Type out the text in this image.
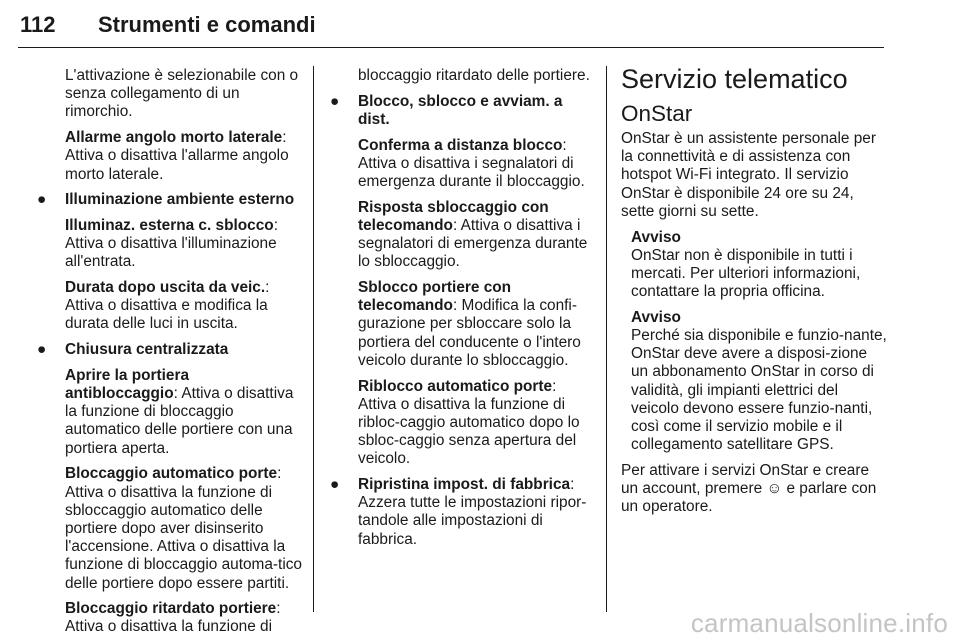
112 Strumenti e comandi

L'attivazione è selezionabile con o senza collegamento di un rimorchio.

Allarme angolo morto laterale: Attiva o disattiva l'allarme angolo morto laterale.

● Illuminazione ambiente esterno

Illuminaz. esterna c. sblocco: Attiva o disattiva l'illuminazione all'entrata.

Durata dopo uscita da veic.: Attiva o disattiva e modifica la durata delle luci in uscita.

● Chiusura centralizzata

Aprire la portiera antibloccaggio: Attiva o disattiva la funzione di bloccaggio automatico delle portiere con una portiera aperta.

Bloccaggio automatico porte: Attiva o disattiva la funzione di sbloccaggio automatico delle portiere dopo aver disinserito l'accensione. Attiva o disattiva la funzione di bloccaggio automa-tico delle portiere dopo essere partiti.

Bloccaggio ritardato portiere: Attiva o disattiva la funzione di

bloccaggio ritardato delle portiere.

● Blocco, sblocco e avviam. a dist.

Conferma a distanza blocco: Attiva o disattiva i segnalatori di emergenza durante il bloccaggio.

Risposta sbloccaggio con telecomando: Attiva o disattiva i segnalatori di emergenza durante lo sbloccaggio.

Sblocco portiere con telecomando: Modifica la confi-gurazione per sbloccare solo la portiera del conducente o l'intero veicolo durante lo sbloccaggio.

Riblocco automatico porte: Attiva o disattiva la funzione di ribloc-caggio automatico dopo lo sbloc-caggio senza apertura del veicolo.

● Ripristina impost. di fabbrica: Azzera tutte le impostazioni ripor-tandole alle impostazioni di fabbrica.

Servizio telematico
OnStar

OnStar è un assistente personale per la connettività e di assistenza con hotspot Wi-Fi integrato. Il servizio OnStar è disponibile 24 ore su 24, sette giorni su sette.

Avviso

OnStar non è disponibile in tutti i mercati. Per ulteriori informazioni, contattare la propria officina.

Avviso

Perché sia disponibile e funzio-nante, OnStar deve avere a disposi-zione un abbonamento OnStar in corso di validità, gli impianti elettrici del veicolo devono essere funzio-nanti, così come il servizio mobile e il collegamento satellitare GPS.

Per attivare i servizi OnStar e creare un account, premere ☺ e parlare con un operatore.

carmanualsonline.info
